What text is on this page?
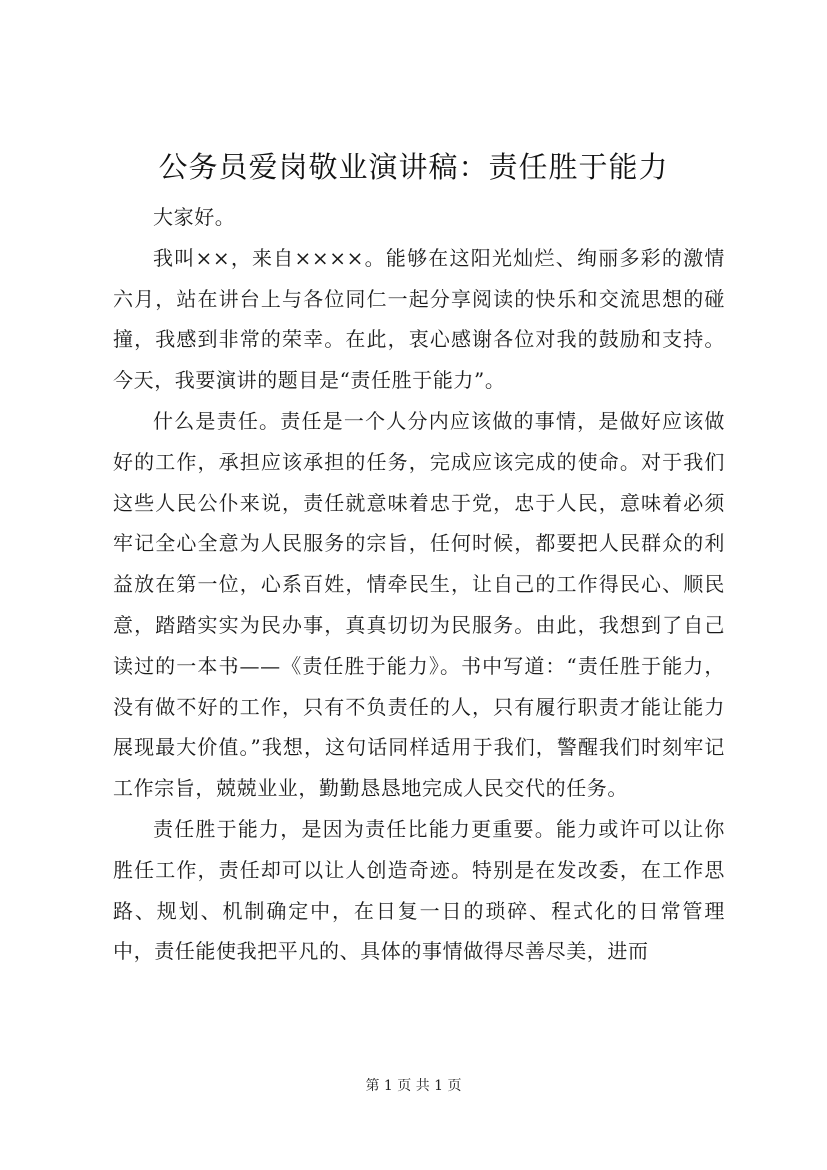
公务员爱岗敬业演讲稿：责任胜于能力

大家好。

我叫××，来自××××。能够在这阳光灿烂、绚丽多彩的激情六月，站在讲台上与各位同仁一起分享阅读的快乐和交流思想的碰撞，我感到非常的荣幸。在此，衷心感谢各位对我的鼓励和支持。今天，我要演讲的题目是“责任胜于能力”。

什么是责任。责任是一个人分内应该做的事情，是做好应该做好的工作，承担应该承担的任务，完成应该完成的使命。对于我们这些人民公仆来说，责任就意味着忠于党，忠于人民，意味着必须牢记全心全意为人民服务的宗旨，任何时候，都要把人民群众的利益放在第一位，心系百姓，情牵民生，让自己的工作得民心、顺民意，踏踏实实为民办事，真真切切为民服务。由此，我想到了自己读过的一本书——《责任胜于能力》。书中写道：“责任胜于能力，没有做不好的工作，只有不负责任的人，只有履行职责才能让能力展现最大价值。”我想，这句话同样适用于我们，警醒我们时刻牢记工作宗旨，兢兢业业，勤勤恳恳地完成人民交代的任务。

责任胜于能力，是因为责任比能力更重要。能力或许可以让你胜任工作，责任却可以让人创造奇迹。特别是在发改委，在工作思路、规划、机制确定中，在日复一日的琐碎、程式化的日常管理中，责任能使我把平凡的、具体的事情做得尽善尽美，进而

第 1 页 共 1 页
